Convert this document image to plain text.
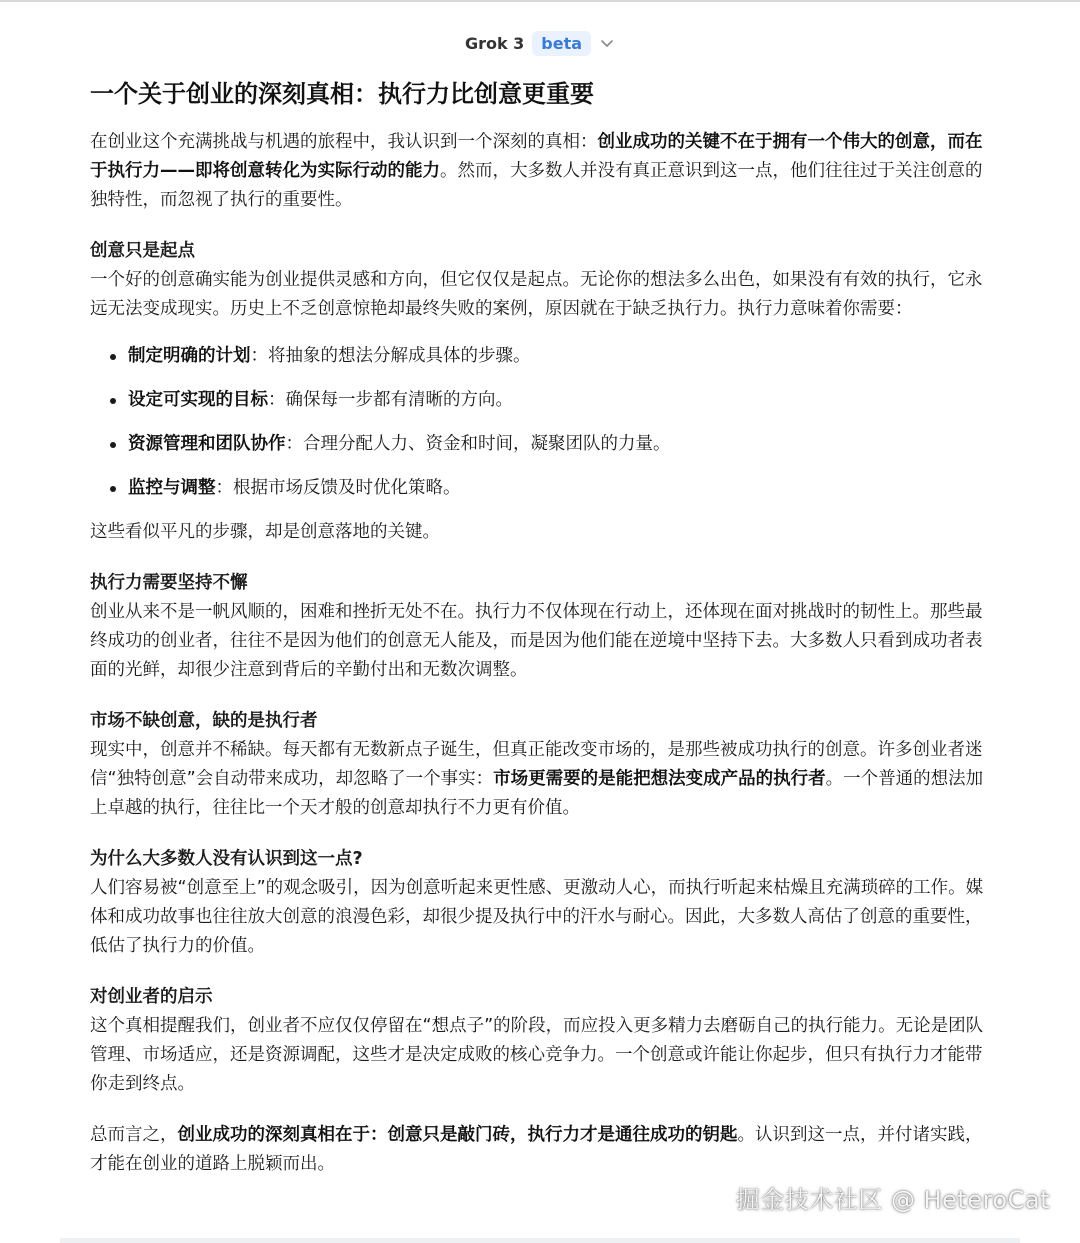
Grok 3	beta
一个关于创业的深刻真相：执行力比创意更重要

在创业这个充满挑战与机遇的旅程中，我认识到一个深刻的真相：创业成功的关键不在于拥有一个伟大的创意，而在于执行力——即将创意转化为实际行动的能力。然而，大多数人并没有真正意识到这一点，他们往往过于关注创意的独特性，而忽视了执行的重要性。

创意只是起点

一个好的创意确实能为创业提供灵感和方向，但它仅仅是起点。无论你的想法多么出色，如果没有有效的执行，它永远无法变成现实。历史上不乏创意惊艳却最终失败的案例，原因就在于缺乏执行力。执行力意味着你需要：

制定明确的计划：将抽象的想法分解成具体的步骤。
设定可实现的目标：确保每一步都有清晰的方向。
资源管理和团队协作：合理分配人力、资金和时间，凝聚团队的力量。
监控与调整：根据市场反馈及时优化策略。

这些看似平凡的步骤，却是创意落地的关键。

执行力需要坚持不懈

创业从来不是一帆风顺的，困难和挫折无处不在。执行力不仅体现在行动上，还体现在面对挑战时的韧性上。那些最终成功的创业者，往往不是因为他们的创意无人能及，而是因为他们能在逆境中坚持下去。大多数人只看到成功者表面的光鲜，却很少注意到背后的辛勤付出和无数次调整。

市场不缺创意，缺的是执行者

现实中，创意并不稀缺。每天都有无数新点子诞生，但真正能改变市场的，是那些被成功执行的创意。许多创业者迷信“独特创意”会自动带来成功，却忽略了一个事实：市场更需要的是能把想法变成产品的执行者。一个普通的想法加上卓越的执行，往往比一个天才般的创意却执行不力更有价值。

为什么大多数人没有认识到这一点?

人们容易被“创意至上”的观念吸引，因为创意听起来更性感、更激动人心，而执行听起来枯燥且充满琐碎的工作。媒体和成功故事也往往放大创意的浪漫色彩，却很少提及执行中的汗水与耐心。因此，大多数人高估了创意的重要性，低估了执行力的价值。

对创业者的启示

这个真相提醒我们，创业者不应仅仅停留在“想点子”的阶段，而应投入更多精力去磨砺自己的执行能力。无论是团队管理、市场适应，还是资源调配，这些才是决定成败的核心竞争力。一个创意或许能让你起步，但只有执行力才能带你走到终点。

总而言之，创业成功的深刻真相在于：创意只是敲门砖，执行力才是通往成功的钥匙。认识到这一点，并付诸实践，才能在创业的道路上脱颖而出。

掘金技术社区 @ HeteroCat
